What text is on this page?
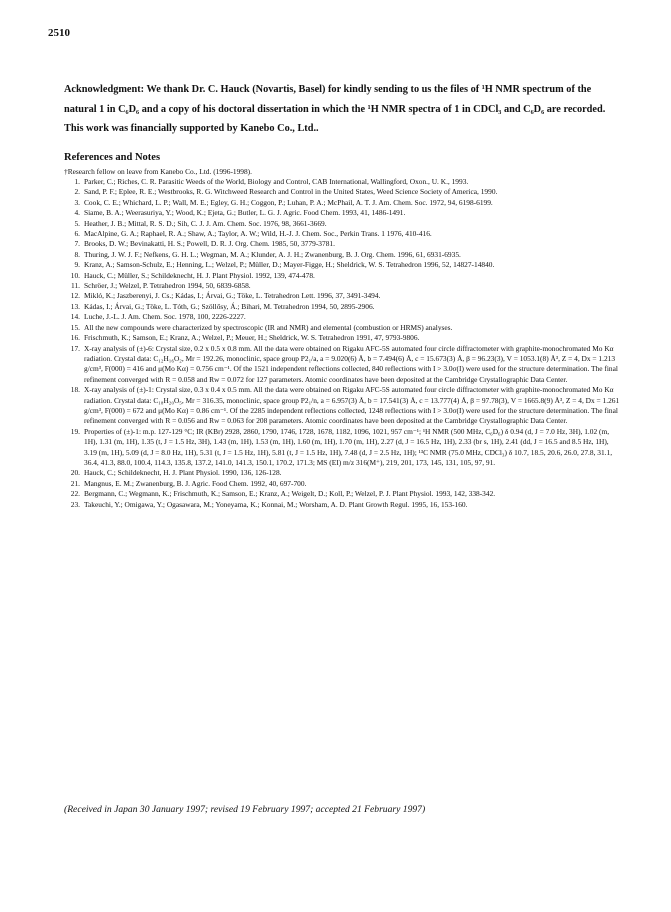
2510
Acknowledgment: We thank Dr. C. Hauck (Novartis, Basel) for kindly sending to us the files of ¹H NMR spectrum of the natural 1 in C₆D₆ and a copy of his doctoral dissertation in which the ¹H NMR spectra of 1 in CDCl₃ and C₆D₆ are recorded. This work was financially supported by Kanebo Co., Ltd..
References and Notes
†Research fellow on leave from Kanebo Co., Ltd. (1996-1998).
1. Parker, C.; Riches, C. R. Parasitic Weeds of the World, Biology and Control, CAB International, Wallingford, Oxon., U. K., 1993.
2. Sand, P. F.; Eplee, R. E.; Westbrooks, R. G. Witchweed Research and Control in the United States, Weed Science Society of America, 1990.
3. Cook, C. E.; Whichard, L. P.; Wall, M. E.; Egley, G. H.; Coggon, P.; Luhan, P. A.; McPhail, A. T. J. Am. Chem. Soc. 1972, 94, 6198-6199.
4. Siame, B. A.; Weerasuriya, Y.; Wood, K.; Ejeta, G.; Butler, L. G. J. Agric. Food Chem. 1993, 41, 1486-1491.
5. Heather, J. B.; Mittal, R. S. D.; Sih, C. J. J. Am. Chem. Soc. 1976, 98, 3661-3669.
6. MacAlpine, G. A.; Raphael, R. A.; Shaw, A.; Taylor, A. W.; Wild, H.-J. J. Chem. Soc., Perkin Trans. 1 1976, 410-416.
7. Brooks, D. W.; Bevinakatti, H. S.; Powell, D. R. J. Org. Chem. 1985, 50, 3779-3781.
8. Thuring, J. W. J. F.; Nefkens, G. H. L.; Wegman, M. A.; Klunder, A. J. H.; Zwanenburg, B. J. Org. Chem. 1996, 61, 6931-6935.
9. Kranz, A.; Samson-Schulz, E.; Henning, L.; Welzel, P.; Müller, D.; Mayer-Figge, H.; Sheldrick, W. S. Tetrahedron 1996, 52, 14827-14840.
10. Hauck, C.; Müller, S.; Schildeknecht, H. J. Plant Physiol. 1992, 139, 474-478.
11. Schröer, J.; Welzel, P. Tetrahedron 1994, 50, 6839-6858.
12. Mikló, K.; Jaszberenyi, J. Cs.; Kádas, I.; Árvai, G.; Töke, L. Tetrahedron Lett. 1996, 37, 3491-3494.
13. Kádas, I.; Árvai, G.; Töke, L. Tóth, G.; Szöllősy, Á.; Bihari, M. Tetrahedron 1994, 50, 2895-2906.
14. Luche, J.-L. J. Am. Chem. Soc. 1978, 100, 2226-2227.
15. All the new compounds were characterized by spectroscopic (IR and NMR) and elemental (combustion or HRMS) analyses.
16. Frischmuth, K.; Samson, E.; Kranz, A.; Welzel, P.; Meuer, H.; Sheldrick, W. S. Tetrahedron 1991, 47, 9793-9806.
17. X-ray analysis of (±)-6: Crystal size, 0.2 x 0.5 x 0.8 mm. All the data were obtained on Rigaku AFC-5S automated four circle diffractometer with graphite-monochromated Mo Kα radiation. Crystal data: C₁₂H₁₆O₂, Mr = 192.26, monoclinic, space group P2₁/a, a = 9.020(6) Å, b = 7.494(6) Å, c = 15.673(3) Å, β = 96.23(3), V = 1053.1(8) Å³, Z = 4, Dx = 1.213 g/cm³, F(000) = 416 and μ(Mo Kα) = 0.756 cm⁻¹. Of the 1521 independent reflections collected, 840 reflections with I > 3.0σ(I) were used for the structure determination. The final refinement converged with R = 0.058 and Rw = 0.072 for 127 parameters. Atomic coordinates have been deposited at the Cambridge Crystallographic Data Center.
18. X-ray analysis of (±)-1: Crystal size, 0.3 x 0.4 x 0.5 mm. All the data were obtained on Rigaku AFC-5S automated four circle diffractometer with graphite-monochromated Mo Kα radiation. Crystal data: C₁₈H₂₀O₅, Mr = 316.35, monoclinic, space group P2₁/n, a = 6.957(3) Å, b = 17.541(3) Å, c = 13.777(4) Å, β = 97.78(3), V = 1665.8(9) Å³, Z = 4, Dx = 1.261 g/cm³, F(000) = 672 and μ(Mo Kα) = 0.86 cm⁻¹. Of the 2285 independent reflections collected, 1248 reflections with I > 3.0σ(I) were used for the structure determination. The final refinement converged with R = 0.056 and Rw = 0.063 for 208 parameters. Atomic coordinates have been deposited at the Cambridge Crystallographic Data Center.
19. Properties of (±)-1: m.p. 127-129 °C; IR (KBr) 2928, 2860, 1790, 1746, 1728, 1678, 1182, 1096, 1021, 957 cm⁻¹; ¹H NMR (500 MHz, C₆D₆) δ 0.94 (d, J = 7.0 Hz, 3H), 1.02 (m, 1H), 1.31 (m, 1H), 1.35 (t, J = 1.5 Hz, 3H), 1.43 (m, 1H), 1.53 (m, 1H), 1.60 (m, 1H), 1.70 (m, 1H), 2.27 (d, J = 16.5 Hz, 1H), 2.33 (br s, 1H), 2.41 (dd, J = 16.5 and 8.5 Hz, 1H), 3.19 (m, 1H), 5.09 (d, J = 8.0 Hz, 1H), 5.31 (t, J = 1.5 Hz, 1H), 5.81 (t, J = 1.5 Hz, 1H), 7.48 (d, J = 2.5 Hz, 1H); ¹³C NMR (75.0 MHz, CDCl₃) δ 10.7, 18.5, 20.6, 26.0, 27.8, 31.1, 36.4, 41.3, 88.0, 100.4, 114.3, 135.8, 137.2, 141.0, 141.3, 150.1, 170.2, 171.3; MS (EI) m/z 316(M⁺), 219, 201, 173, 145, 131, 105, 97, 91.
20. Hauck, C.; Schildeknecht, H. J. Plant Physiol. 1990, 136, 126-128.
21. Mangnus, E. M.; Zwanenburg, B. J. Agric. Food Chem. 1992, 40, 697-700.
22. Bergmann, C.; Wegmann, K.; Frischmuth, K.; Samson, E.; Kranz, A.; Weigelt, D.; Koll, P.; Welzel, P. J. Plant Physiol. 1993, 142, 338-342.
23. Takeuchi, Y.; Omigawa, Y.; Ogasawara, M.; Yoneyama, K.; Konnai, M.; Worsham, A. D. Plant Growth Regul. 1995, 16, 153-160.
(Received in Japan 30 January 1997; revised 19 February 1997; accepted 21 February 1997)
